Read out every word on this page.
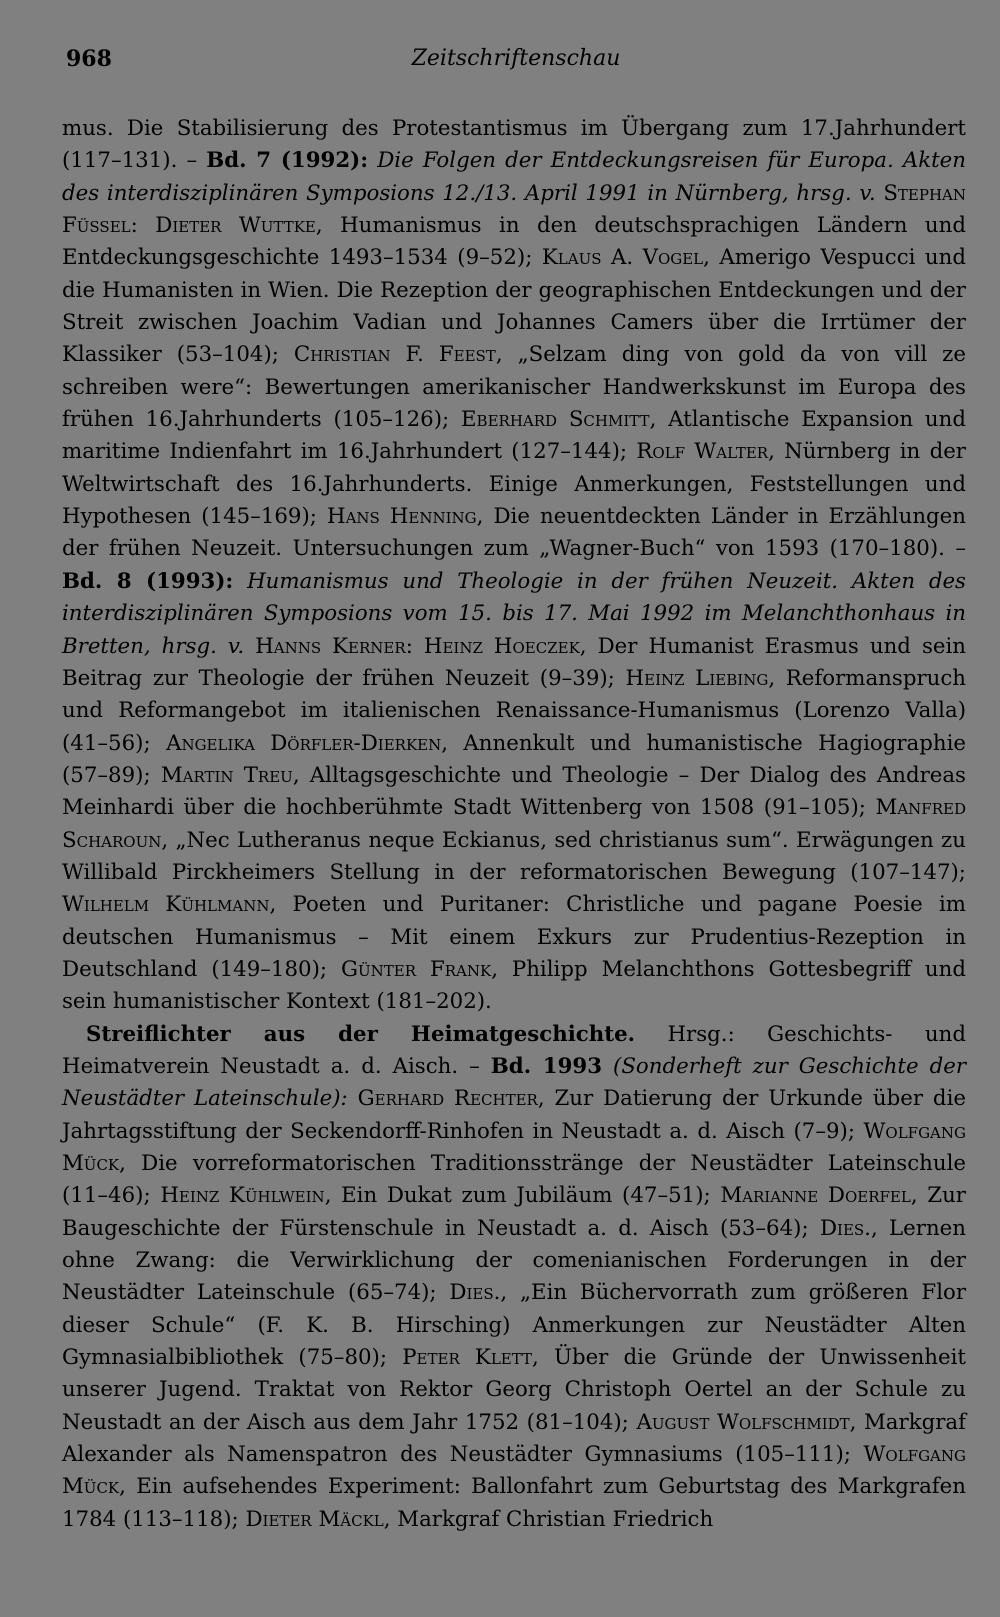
968	Zeitschriftenschau

mus. Die Stabilisierung des Protestantismus im Übergang zum 17.Jahrhundert (117–131). – Bd. 7 (1992): Die Folgen der Entdeckungsreisen für Europa. Akten des interdisziplinären Symposions 12./13. April 1991 in Nürnberg, hrsg. v. Stephan Füssel: Dieter Wuttke, Humanismus in den deutschsprachigen Ländern und Entdeckungsgeschichte 1493–1534 (9–52); Klaus A. Vogel, Amerigo Vespucci und die Humanisten in Wien. Die Rezeption der geographischen Entdeckungen und der Streit zwischen Joachim Vadian und Johannes Camers über die Irrtümer der Klassiker (53–104); Christian F. Feest, „Selzam ding von gold da von vill ze schreiben were“: Bewertungen amerikanischer Handwerkskunst im Europa des frühen 16.Jahrhunderts (105–126); Eberhard Schmitt, Atlantische Expansion und maritime Indienfahrt im 16.Jahrhundert (127–144); Rolf Walter, Nürnberg in der Weltwirtschaft des 16.Jahrhunderts. Einige Anmerkungen, Feststellungen und Hypothesen (145–169); Hans Henning, Die neuentdeckten Länder in Erzählungen der frühen Neuzeit. Untersuchungen zum „Wagner-Buch“ von 1593 (170–180). – Bd. 8 (1993): Humanismus und Theologie in der frühen Neuzeit. Akten des interdisziplinären Symposions vom 15. bis 17. Mai 1992 im Melanchthonhaus in Bretten, hrsg. v. Hanns Kerner: Heinz Hoeczek, Der Humanist Erasmus und sein Beitrag zur Theologie der frühen Neuzeit (9–39); Heinz Liebing, Reformanspruch und Reformangebot im italienischen Renaissance-Humanismus (Lorenzo Valla) (41–56); Angelika Dörfler-Dierken, Annenkult und humanistische Hagiographie (57–89); Martin Treu, Alltagsgeschichte und Theologie – Der Dialog des Andreas Meinhardi über die hochberühmte Stadt Wittenberg von 1508 (91–105); Manfred Scharoun, „Nec Lutheranus neque Eckianus, sed christianus sum“. Erwägungen zu Willibald Pirckheimers Stellung in der reformatorischen Bewegung (107–147); Wilhelm Kühlmann, Poeten und Puritaner: Christliche und pagane Poesie im deutschen Humanismus – Mit einem Exkurs zur Prudentius-Rezeption in Deutschland (149–180); Günter Frank, Philipp Melanchthons Gottesbegriff und sein humanistischer Kontext (181–202).

Streiflichter aus der Heimatgeschichte. Hrsg.: Geschichts- und Heimatverein Neustadt a. d. Aisch. – Bd. 1993 (Sonderheft zur Geschichte der Neustädter Lateinschule): Gerhard Rechter, Zur Datierung der Urkunde über die Jahrtagsstiftung der Seckendorff-Rinhofen in Neustadt a. d. Aisch (7–9); Wolfgang Mück, Die vorreformatorischen Traditionsstränge der Neustädter Lateinschule (11–46); Heinz Kühlwein, Ein Dukat zum Jubiläum (47–51); Marianne Doerfel, Zur Baugeschichte der Fürstenschule in Neustadt a. d. Aisch (53–64); Dies., Lernen ohne Zwang: die Verwirklichung der comenianischen Forderungen in der Neustädter Lateinschule (65–74); Dies., „Ein Büchervorrath zum größeren Flor dieser Schule“ (F. K. B. Hirsching) Anmerkungen zur Neustädter Alten Gymnasialbibliothek (75–80); Peter Klett, Über die Gründe der Unwissenheit unserer Jugend. Traktat von Rektor Georg Christoph Oertel an der Schule zu Neustadt an der Aisch aus dem Jahr 1752 (81–104); August Wolfschmidt, Markgraf Alexander als Namenspatron des Neustädter Gymnasiums (105–111); Wolfgang Mück, Ein aufsehendes Experiment: Ballonfahrt zum Geburtstag des Markgrafen 1784 (113–118); Dieter Mäckl, Markgraf Christian Friedrich
